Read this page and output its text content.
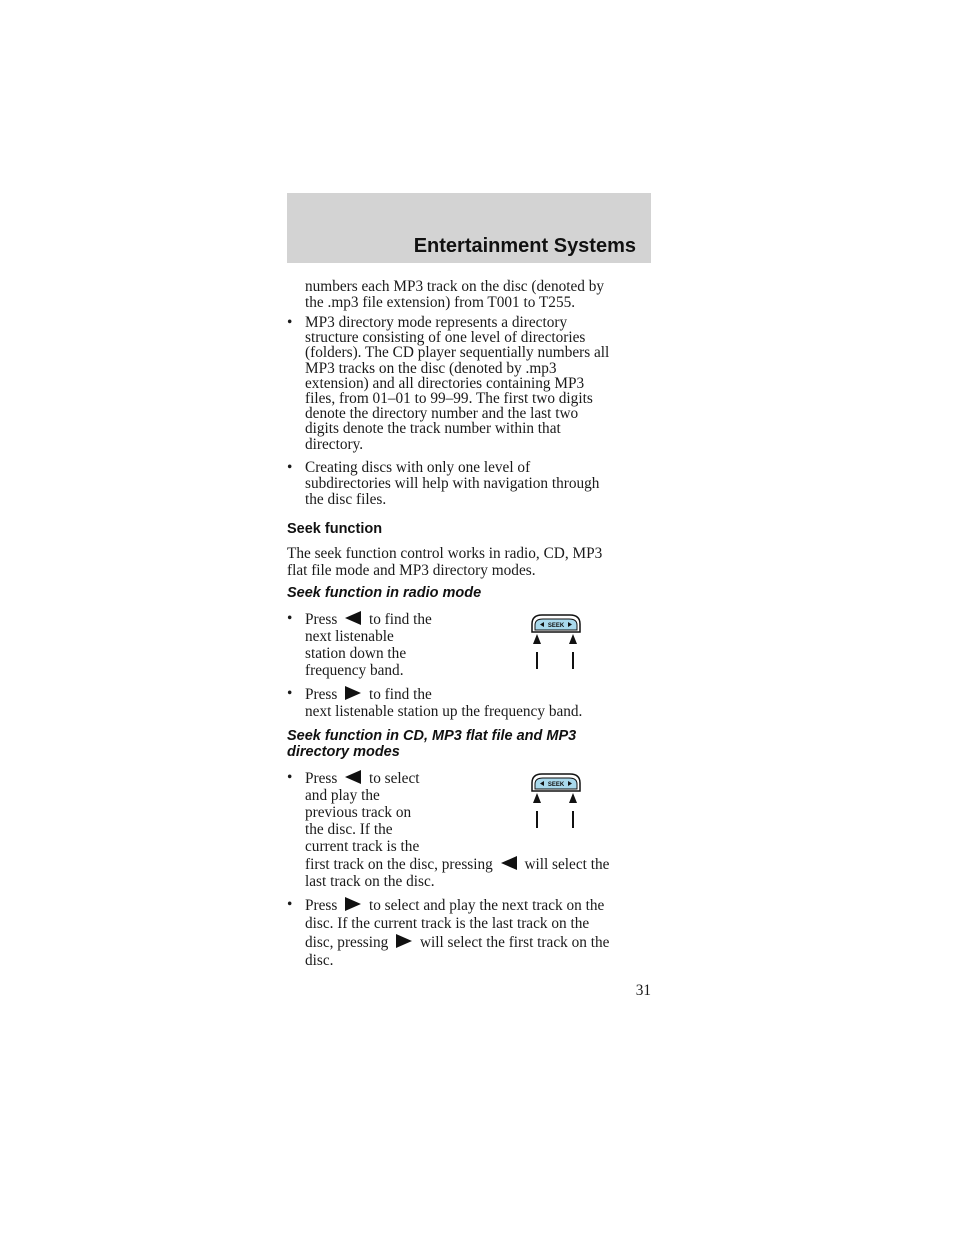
Entertainment Systems
numbers each MP3 track on the disc (denoted by
the .mp3 file extension) from T001 to T255.
• MP3 directory mode represents a directory
structure consisting of one level of directories
(folders). The CD player sequentially numbers all
MP3 tracks on the disc (denoted by .mp3
extension) and all directories containing MP3
files, from 01–01 to 99–99. The first two digits
denote the directory number and the last two
digits denote the track number within that
directory.
• Creating discs with only one level of
subdirectories will help with navigation through
the disc files.
Seek function
The seek function control works in radio, CD, MP3
flat file mode and MP3 directory modes.
Seek function in radio mode
• Press to find the
next listenable
station down the
frequency band.
SEEK
• Press to find the
next listenable station up the frequency band.
Seek function in CD, MP3 flat file and MP3
directory modes
• Press to select
and play the
previous track on
the disc. If the
current track is the
first track on the disc, pressing will select the
last track on the disc.
SEEK
• Press to select and play the next track on the
disc. If the current track is the last track on the
disc, pressing will select the first track on the
disc.
31
